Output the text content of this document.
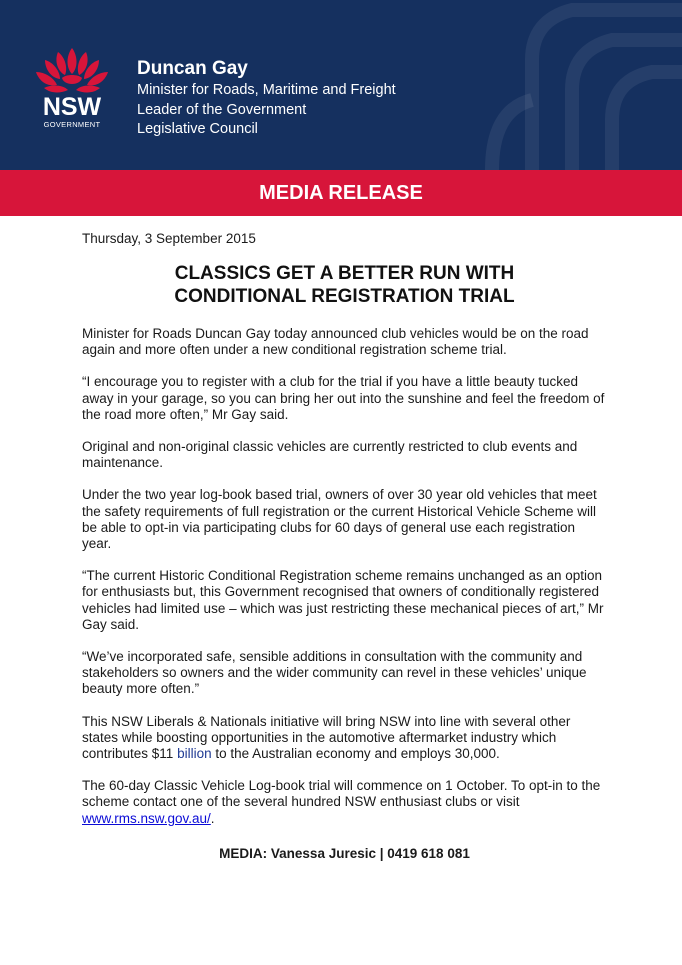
NSW
GOVERNMENT
Duncan Gay
Minister for Roads, Maritime and Freight
Leader of the Government
Legislative Council
MEDIA RELEASE
Thursday, 3 September 2015
CLASSICS GET A BETTER RUN WITH
CONDITIONAL REGISTRATION TRIAL

Minister for Roads Duncan Gay today announced club vehicles would be on the road again and more often under a new conditional registration scheme trial.

“I encourage you to register with a club for the trial if you have a little beauty tucked away in your garage, so you can bring her out into the sunshine and feel the freedom of the road more often,” Mr Gay said.

Original and non-original classic vehicles are currently restricted to club events and maintenance.

Under the two year log-book based trial, owners of over 30 year old vehicles that meet the safety requirements of full registration or the current Historical Vehicle Scheme will be able to opt-in via participating clubs for 60 days of general use each registration year.

“The current Historic Conditional Registration scheme remains unchanged as an option for enthusiasts but, this Government recognised that owners of conditionally registered vehicles had limited use – which was just restricting these mechanical pieces of art,” Mr Gay said.

“We’ve incorporated safe, sensible additions in consultation with the community and stakeholders so owners and the wider community can revel in these vehicles’ unique beauty more often.”

This NSW Liberals & Nationals initiative will bring NSW into line with several other states while boosting opportunities in the automotive aftermarket industry which contributes $11 billion to the Australian economy and employs 30,000.

The 60-day Classic Vehicle Log-book trial will commence on 1 October. To opt-in to the scheme contact one of the several hundred NSW enthusiast clubs or visit www.rms.nsw.gov.au/.

MEDIA: Vanessa Juresic | 0419 618 081
